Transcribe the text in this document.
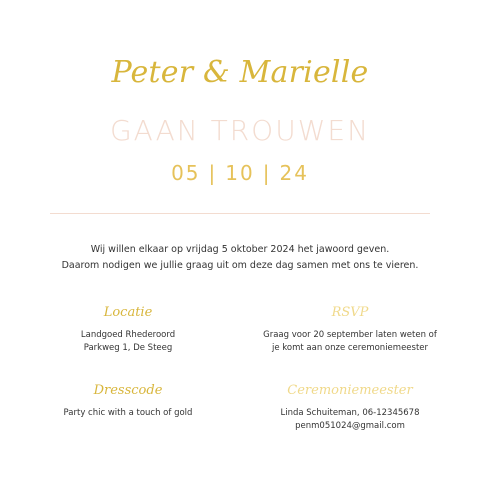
Peter & Marielle
GAAN TROUWEN
05 | 10 | 24
Wij willen elkaar op vrijdag 5 oktober 2024 het jawoord geven.
Daarom nodigen we jullie graag uit om deze dag samen met ons te vieren.
Locatie
Landgoed Rhederoord
Parkweg 1, De Steeg
RSVP
Graag voor 20 september laten weten of
je komt aan onze ceremoniemeester
Dresscode
Party chic with a touch of gold
Ceremoniemeester
Linda Schuiteman, 06-12345678
penm051024@gmail.com
